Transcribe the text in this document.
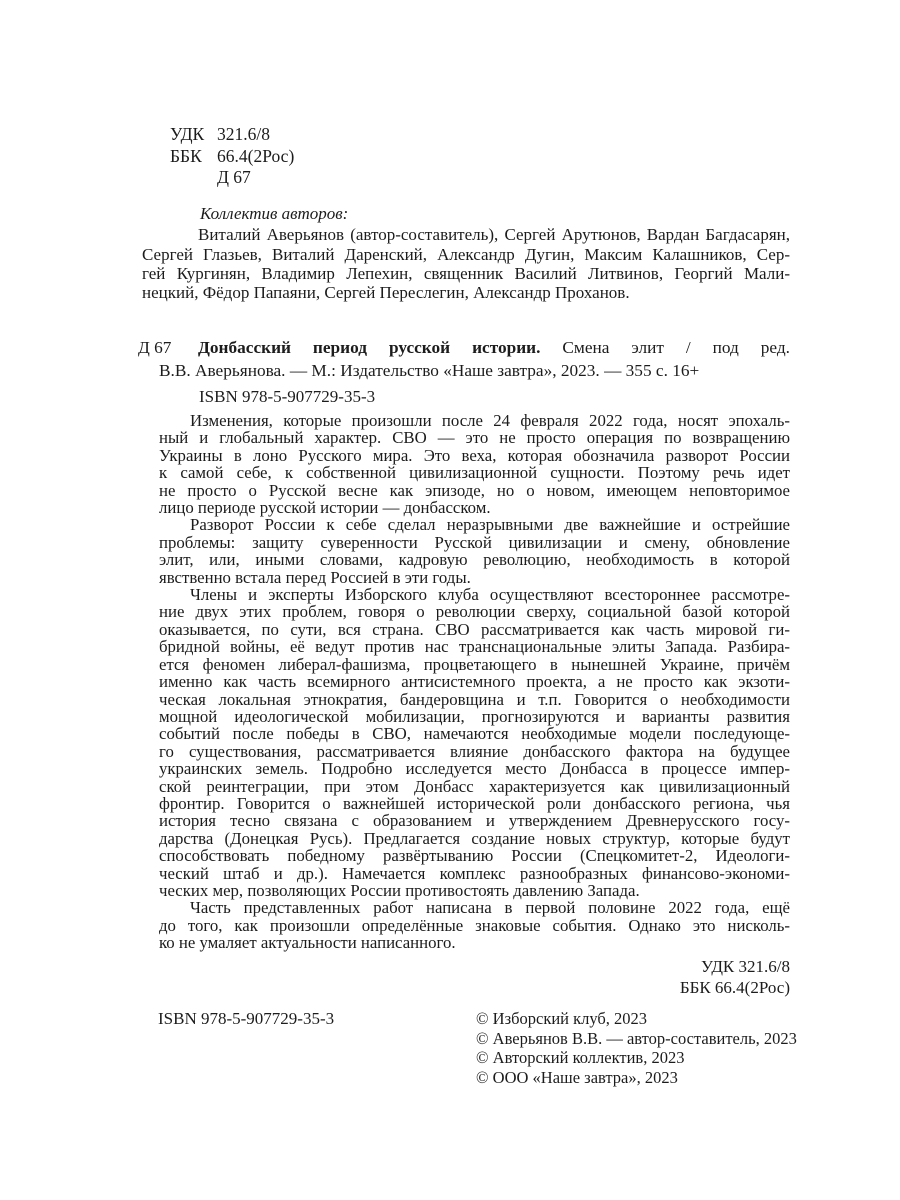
УДК 321.6/8
ББК 66.4(2Рос)
Д 67
Коллектив авторов:
Виталий Аверьянов (автор-составитель), Сергей Арутюнов, Вардан Багдасарян,
Сергей Глазьев, Виталий Даренский, Александр Дугин, Максим Калашников, Сер-
гей Кургинян, Владимир Лепехин, священник Василий Литвинов, Георгий Мали-
нецкий, Фёдор Папаяни, Сергей Переслегин, Александр Проханов.
Д 67	Донбасский период русской истории. Смена элит / под ред.
В.В. Аверьянова. — М.: Издательство «Наше завтра», 2023. — 355 с. 16+
ISBN 978-5-907729-35-3
Изменения, которые произошли после 24 февраля 2022 года, носят эпохаль-
ный и глобальный характер. СВО — это не просто операция по возвращению
Украины в лоно Русского мира. Это веха, которая обозначила разворот России
к самой себе, к собственной цивилизационной сущности. Поэтому речь идет
не просто о Русской весне как эпизоде, но о новом, имеющем неповторимое
лицо периоде русской истории — донбасском.
Разворот России к себе сделал неразрывными две важнейшие и острейшие
проблемы: защиту суверенности Русской цивилизации и смену, обновление
элит, или, иными словами, кадровую революцию, необходимость в которой
явственно встала перед Россией в эти годы.
Члены и эксперты Изборского клуба осуществляют всестороннее рассмотре-
ние двух этих проблем, говоря о революции сверху, социальной базой которой
оказывается, по сути, вся страна. СВО рассматривается как часть мировой ги-
бридной войны, её ведут против нас транснациональные элиты Запада. Разбира-
ется феномен либерал-фашизма, процветающего в нынешней Украине, причём
именно как часть всемирного антисистемного проекта, а не просто как экзоти-
ческая локальная этнократия, бандеровщина и т.п. Говорится о необходимости
мощной идеологической мобилизации, прогнозируются и варианты развития
событий после победы в СВО, намечаются необходимые модели последующе-
го существования, рассматривается влияние донбасского фактора на будущее
украинских земель. Подробно исследуется место Донбасса в процессе импер-
ской реинтеграции, при этом Донбасс характеризуется как цивилизационный
фронтир. Говорится о важнейшей исторической роли донбасского региона, чья
история тесно связана с образованием и утверждением Древнерусского госу-
дарства (Донецкая Русь). Предлагается создание новых структур, которые будут
способствовать победному развёртыванию России (Спецкомитет-2, Идеологи-
ческий штаб и др.). Намечается комплекс разнообразных финансово-экономи-
ческих мер, позволяющих России противостоять давлению Запада.
Часть представленных работ написана в первой половине 2022 года, ещё
до того, как произошли определённые знаковые события. Однако это нисколь-
ко не умаляет актуальности написанного.
УДК 321.6/8
ББК 66.4(2Рос)
ISBN 978-5-907729-35-3	© Изборский клуб, 2023
© Аверьянов В.В. — автор-составитель, 2023
© Авторский коллектив, 2023
© ООО «Наше завтра», 2023
